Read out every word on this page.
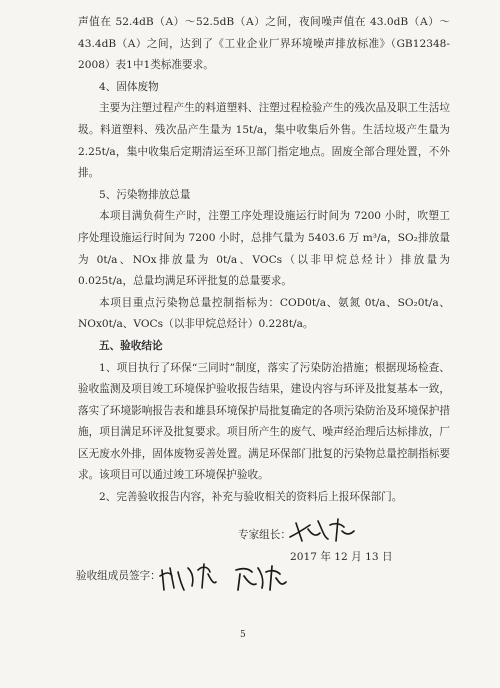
声值在 52.4dB（A）～52.5dB（A）之间，夜间噪声值在 43.0dB（A）～43.4dB（A）之间，达到了《工业企业厂界环境噪声排放标准》（GB12348-2008）表1中1类标准要求。

4、固体废物

主要为注塑过程产生的料道塑料、注塑过程检验产生的残次品及职工生活垃圾。料道塑料、残次品产生量为 15t/a，集中收集后外售。生活垃圾产生量为 2.25t/a，集中收集后定期清运至环卫部门指定地点。固废全部合理处置，不外排。

5、污染物排放总量

本项目满负荷生产时，注塑工序处理设施运行时间为 7200 小时，吹塑工序处理设施运行时间为 7200 小时，总排气量为 5403.6 万 m³/a，SO₂排放量为 0t/a、NOx排放量为 0t/a、VOCs（以非甲烷总烃计）排放量为 0.025t/a，总量均满足环评批复的总量要求。

本项目重点污染物总量控制指标为：COD0t/a、氨氮 0t/a、SO₂0t/a、NOx0t/a、VOCs（以非甲烷总烃计）0.228t/a。

五、验收结论

1、项目执行了环保“三同时”制度，落实了污染防治措施；根据现场检查、验收监测及项目竣工环境保护验收报告结果，建设内容与环评及批复基本一致，落实了环境影响报告表和雄县环境保护局批复确定的各项污染防治及环境保护措施，项目满足环评及批复要求。项目所产生的废气、噪声经治理后达标排放，厂区无废水外排，固体废物妥善处置。满足环保部门批复的污染物总量控制指标要求。该项目可以通过竣工环境保护验收。

2、完善验收报告内容，补充与验收相关的资料后上报环保部门。

专家组长：
2017 年 12 月 13 日
验收组成员签字：
5
